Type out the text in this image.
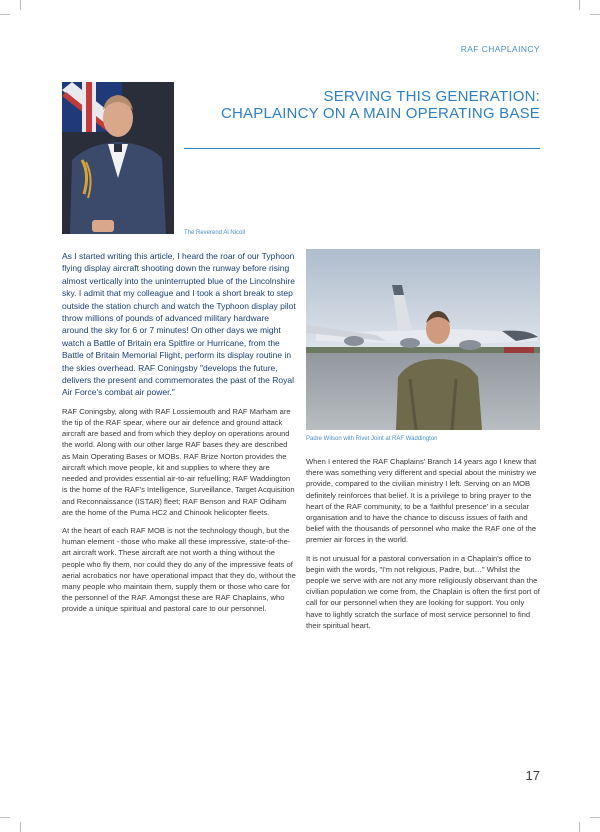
RAF CHAPLAINCY
SERVING THIS GENERATION:
CHAPLAINCY ON A MAIN OPERATING BASE
The Reverend Al Nicoll

As I started writing this article, I heard the roar of our Typhoon flying display aircraft shooting down the runway before rising almost vertically into the uninterrupted blue of the Lincolnshire sky. I admit that my colleague and I took a short break to step outside the station church and watch the Typhoon display pilot throw millions of pounds of advanced military hardware around the sky for 6 or 7 minutes! On other days we might watch a Battle of Britain era Spitfire or Hurricane, from the Battle of Britain Memorial Flight, perform its display routine in the skies overhead. RAF Coningsby "develops the future, delivers the present and commemorates the past of the Royal Air Force's combat air power."

RAF Coningsby, along with RAF Lossiemouth and RAF Marham are the tip of the RAF spear, where our air defence and ground attack aircraft are based and from which they deploy on operations around the world. Along with our other large RAF bases they are described as Main Operating Bases or MOBs. RAF Brize Norton provides the aircraft which move people, kit and supplies to where they are needed and provides essential air-to-air refuelling; RAF Waddington is the home of the RAF's Intelligence, Surveillance, Target Acquisition and Reconnaissance (ISTAR) fleet; RAF Benson and RAF Odiham are the home of the Puma HC2 and Chinook helicopter fleets.

At the heart of each RAF MOB is not the technology though, but the human element - those who make all these impressive, state-of-the-art aircraft work. These aircraft are not worth a thing without the people who fly them, nor could they do any of the impressive feats of aerial acrobatics nor have operational impact that they do, without the many people who maintain them, supply them or those who care for the personnel of the RAF. Amongst these are RAF Chaplains, who provide a unique spiritual and pastoral care to our personnel.

Padre Wilson with Rivet Joint at RAF Waddington

When I entered the RAF Chaplains' Branch 14 years ago I knew that there was something very different and special about the ministry we provide, compared to the civilian ministry I left. Serving on an MOB definitely reinforces that belief. It is a privilege to bring prayer to the heart of the RAF community, to be a 'faithful presence' in a secular organisation and to have the chance to discuss issues of faith and belief with the thousands of personnel who make the RAF one of the premier air forces in the world.

It is not unusual for a pastoral conversation in a Chaplain's office to begin with the words, "I'm not religious, Padre, but…" Whilst the people we serve with are not any more religiously observant than the civilian population we come from, the Chaplain is often the first port of call for our personnel when they are looking for support. You only have to lightly scratch the surface of most service personnel to find their spiritual heart.

17
